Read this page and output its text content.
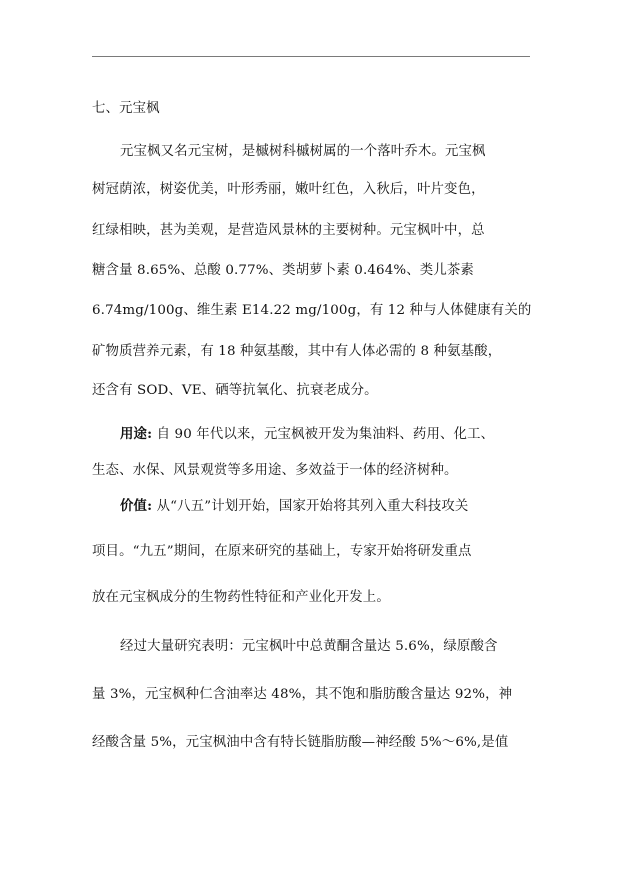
七、元宝枫
元宝枫又名元宝树，是槭树科槭树属的一个落叶乔木。元宝枫
树冠荫浓，树姿优美，叶形秀丽，嫩叶红色，入秋后，叶片变色，
红绿相映，甚为美观，是营造风景林的主要树种。元宝枫叶中，总
糖含量 8.65%、总酸 0.77%、类胡萝卜素 0.464%、类儿茶素
6.74mg/100g、维生素 E14.22 mg/100g，有 12 种与人体健康有关的
矿物质营养元素，有 18 种氨基酸，其中有人体必需的 8 种氨基酸，
还含有 SOD、VE、硒等抗氧化、抗衰老成分。
用途: 自 90 年代以来，元宝枫被开发为集油料、药用、化工、
生态、水保、风景观赏等多用途、多效益于一体的经济树种。
价值: 从“八五”计划开始，国家开始将其列入重大科技攻关
项目。“九五”期间，在原来研究的基础上，专家开始将研发重点
放在元宝枫成分的生物药性特征和产业化开发上。
经过大量研究表明：元宝枫叶中总黄酮含量达 5.6%，绿原酸含
量 3%，元宝枫种仁含油率达 48%，其不饱和脂肪酸含量达 92%，神
经酸含量 5%，元宝枫油中含有特长链脂肪酸—神经酸 5%～6%,是值
